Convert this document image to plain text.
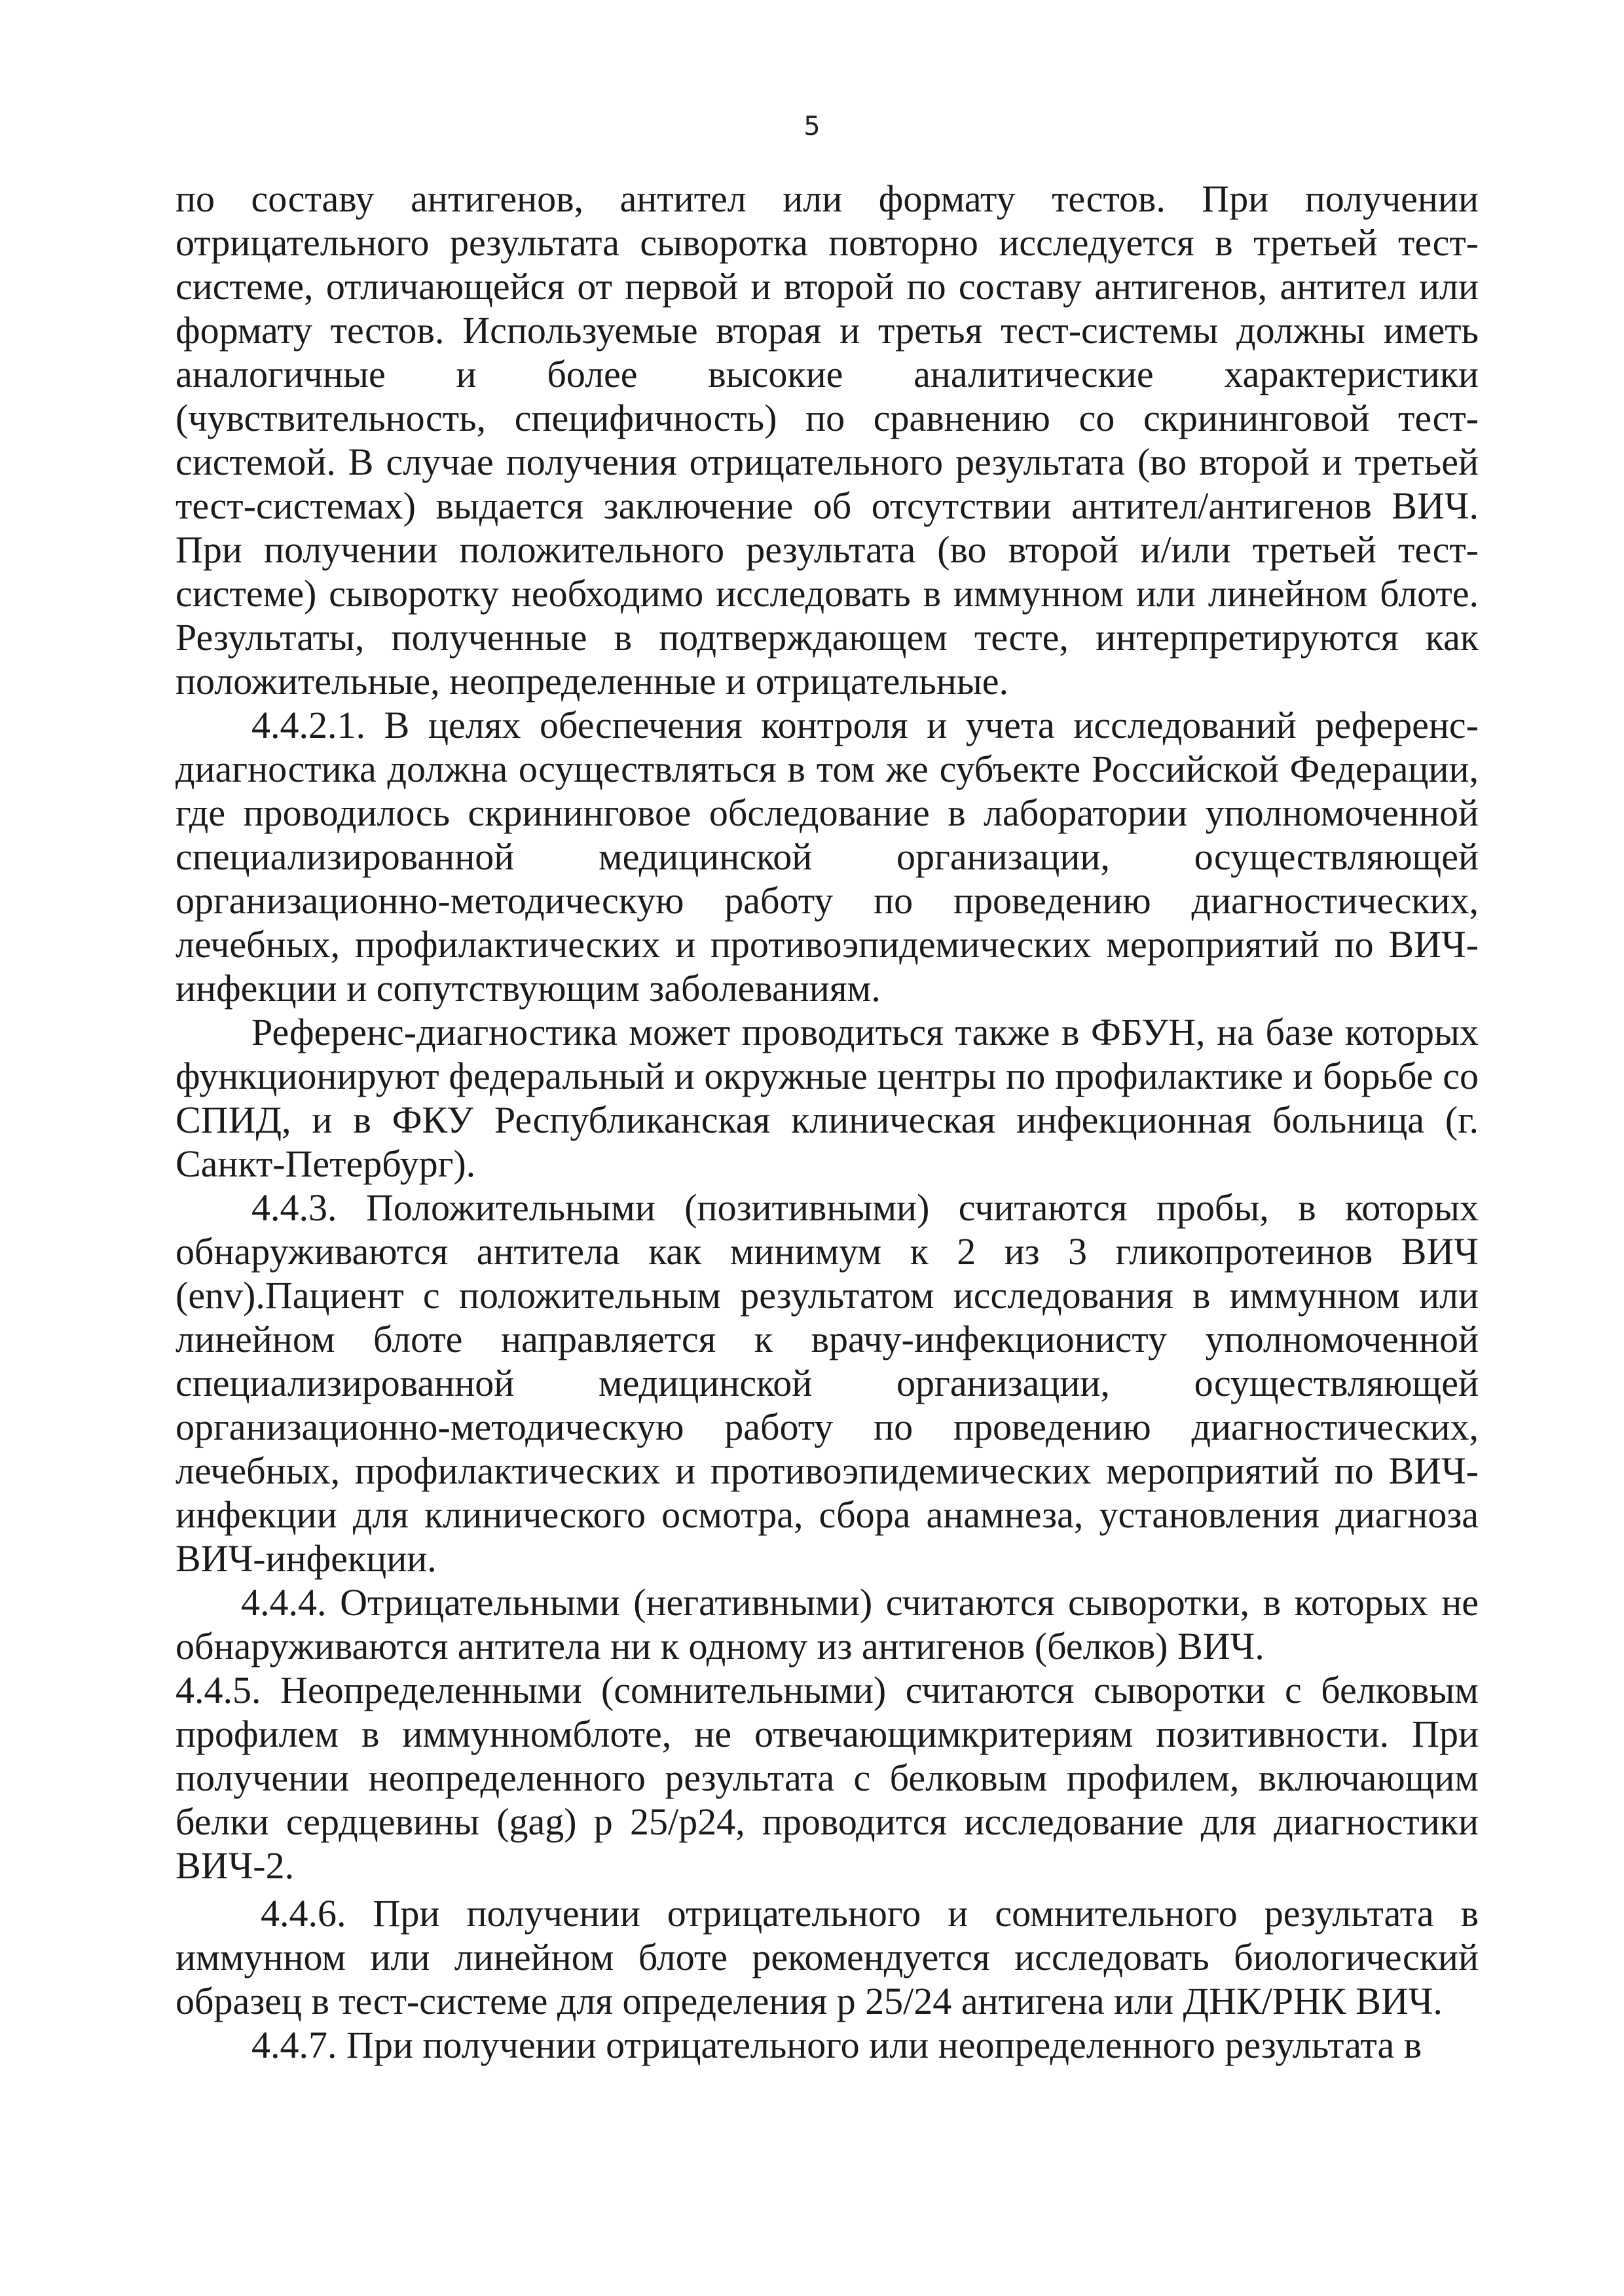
5

по составу антигенов, антител или формату тестов. При получении отрицательного результата сыворотка повторно исследуется в третьей тест-системе, отличающейся от первой и второй по составу антигенов, антител или формату тестов. Используемые вторая и третья тест-системы должны иметь аналогичные и более высокие аналитические характеристики (чувствительность, специфичность) по сравнению со скрининговой тест-системой. В случае получения отрицательного результата (во второй и третьей тест-системах) выдается заключение об отсутствии антител/антигенов ВИЧ. При получении положительного результата (во второй и/или третьей тест-системе) сыворотку необходимо исследовать в иммунном или линейном блоте. Результаты, полученные в подтверждающем тесте, интерпретируются как положительные, неопределенные и отрицательные.

4.4.2.1. В целях обеспечения контроля и учета исследований референс-диагностика должна осуществляться в том же субъекте Российской Федерации, где проводилось скрининговое обследование в лаборатории уполномоченной специализированной медицинской организации, осуществляющей организационно-методическую работу по проведению диагностических, лечебных, профилактических и противоэпидемических мероприятий по ВИЧ-инфекции и сопутствующим заболеваниям.

Референс-диагностика может проводиться также в ФБУН, на базе которых функционируют федеральный и окружные центры по профилактике и борьбе со СПИД, и в ФКУ Республиканская клиническая инфекционная больница (г. Санкт-Петербург).

4.4.3. Положительными (позитивными) считаются пробы, в которых обнаруживаются антитела как минимум к 2 из 3 гликопротеинов ВИЧ (env).Пациент с положительным результатом исследования в иммунном или линейном блоте направляется к врачу-инфекционисту уполномоченной специализированной медицинской организации, осуществляющей организационно-методическую работу по проведению диагностических, лечебных, профилактических и противоэпидемических мероприятий по ВИЧ-инфекции для клинического осмотра, сбора анамнеза, установления диагноза ВИЧ-инфекции.

4.4.4. Отрицательными (негативными) считаются сыворотки, в которых не обнаруживаются антитела ни к одному из антигенов (белков) ВИЧ.

4.4.5. Неопределенными (сомнительными) считаются сыворотки с белковым профилем в иммунномблоте, не отвечающимкритериям позитивности. При получении неопределенного результата с белковым профилем, включающим белки сердцевины (gag) р 25/р24, проводится исследование для диагностики ВИЧ-2.

4.4.6. При получении отрицательного и сомнительного результата в иммунном или линейном блоте рекомендуется исследовать биологический образец в тест-системе для определения р 25/24 антигена или ДНК/РНК ВИЧ.

4.4.7. При получении отрицательного или неопределенного результата в
